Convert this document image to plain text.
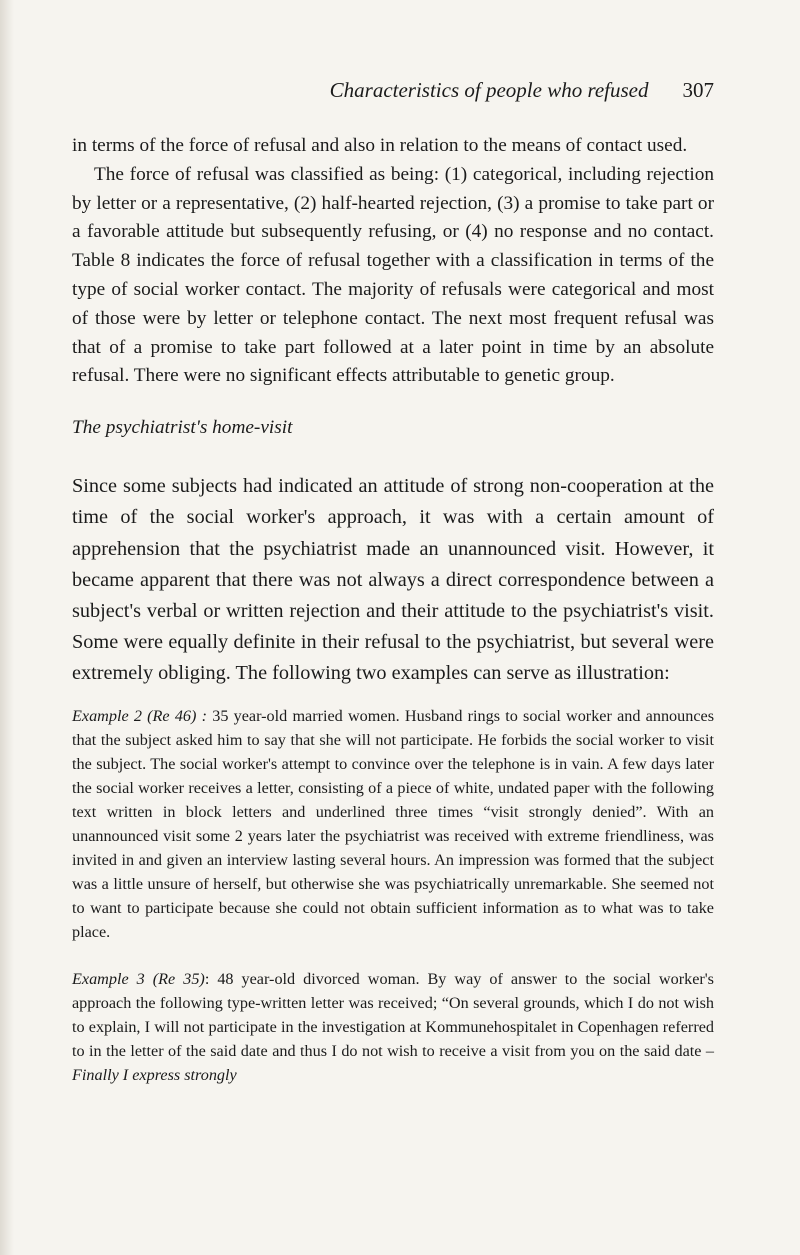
Characteristics of people who refused 307

in terms of the force of refusal and also in relation to the means of contact used.

The force of refusal was classified as being: (1) categorical, including rejection by letter or a representative, (2) half-hearted rejection, (3) a promise to take part or a favorable attitude but subsequently refusing, or (4) no response and no contact. Table 8 indicates the force of refusal together with a classification in terms of the type of social worker contact. The majority of refusals were categorical and most of those were by letter or telephone contact. The next most frequent refusal was that of a promise to take part followed at a later point in time by an absolute refusal. There were no significant effects attributable to genetic group.

The psychiatrist's home-visit

Since some subjects had indicated an attitude of strong non-cooperation at the time of the social worker's approach, it was with a certain amount of apprehension that the psychiatrist made an unannounced visit. However, it became apparent that there was not always a direct correspondence between a subject's verbal or written rejection and their attitude to the psychiatrist's visit. Some were equally definite in their refusal to the psychiatrist, but several were extremely obliging. The following two examples can serve as illustration:

Example 2 (Re 46) : 35 year-old married women. Husband rings to social worker and announces that the subject asked him to say that she will not participate. He forbids the social worker to visit the subject. The social worker's attempt to convince over the telephone is in vain. A few days later the social worker receives a letter, consisting of a piece of white, undated paper with the following text written in block letters and underlined three times “visit strongly denied”. With an unannounced visit some 2 years later the psychiatrist was received with extreme friendliness, was invited in and given an interview lasting several hours. An impression was formed that the subject was a little unsure of herself, but otherwise she was psychiatrically unremarkable. She seemed not to want to participate because she could not obtain sufficient information as to what was to take place.

Example 3 (Re 35): 48 year-old divorced woman. By way of answer to the social worker's approach the following type-written letter was received; “On several grounds, which I do not wish to explain, I will not participate in the investigation at Kommunehospitalet in Copenhagen referred to in the letter of the said date and thus I do not wish to receive a visit from you on the said date – Finally I express strongly
